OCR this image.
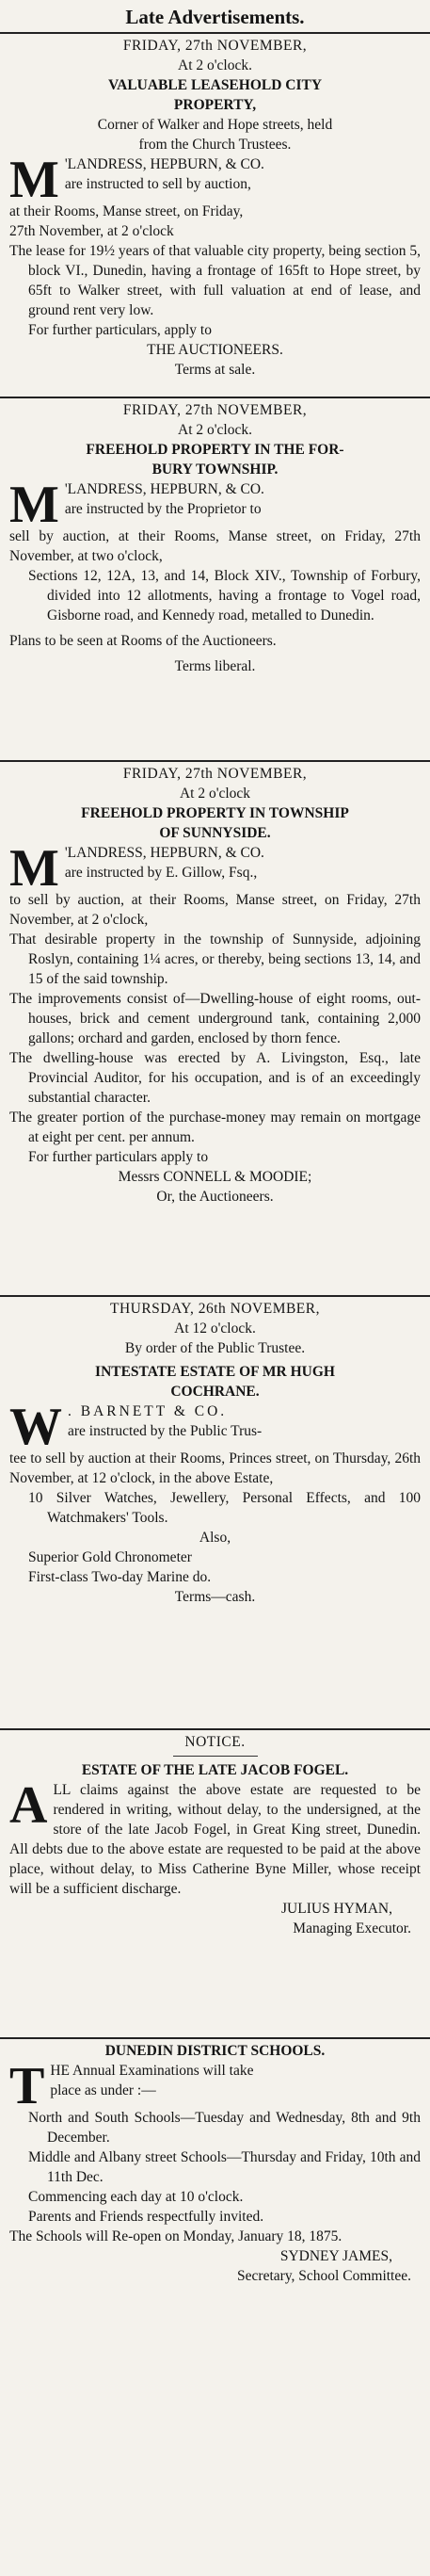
Late Advertisements.

FRIDAY, 27th NOVEMBER,

At 2 o'clock.

VALUABLE LEASEHOLD CITY

PROPERTY,

Corner of Walker and Hope streets, held

from the Church Trustees.

M 'LANDRESS, HEPBURN, & CO.

are instructed to sell by auction,

at their Rooms, Manse street, on Friday,

27th November, at 2 o'clock

The lease for 19½ years of that valuable city property, being section 5, block VI., Dunedin, having a frontage of 165ft to Hope street, by 65ft to Walker street, with full valuation at end of lease, and ground rent very low.

For further particulars, apply to

THE AUCTIONEERS.

Terms at sale.

FRIDAY, 27th NOVEMBER,

At 2 o'clock.

FREEHOLD PROPERTY IN THE FOR-

BURY TOWNSHIP.

M 'LANDRESS, HEPBURN, & CO.

are instructed by the Proprietor to

sell by auction, at their Rooms, Manse street, on Friday, 27th November, at two o'clock,

Sections 12, 12A, 13, and 14, Block XIV., Township of Forbury, divided into 12 allotments, having a frontage to Vogel road, Gisborne road, and Kennedy road, metalled to Dunedin.

Plans to be seen at Rooms of the Auctioneers.

Terms liberal.

FRIDAY, 27th NOVEMBER,

At 2 o'clock

FREEHOLD PROPERTY IN TOWNSHIP

OF SUNNYSIDE.

M 'LANDRESS, HEPBURN, & CO.

are instructed by E. Gillow, Fsq.,

to sell by auction, at their Rooms, Manse street, on Friday, 27th November, at 2 o'clock,

That desirable property in the township of Sunnyside, adjoining Roslyn, containing 1¼ acres, or thereby, being sections 13, 14, and 15 of the said township.

The improvements consist of—Dwelling-house of eight rooms, out-houses, brick and cement underground tank, containing 2,000 gallons; orchard and garden, enclosed by thorn fence.

The dwelling-house was erected by A. Livingston, Esq., late Provincial Auditor, for his occupation, and is of an exceedingly substantial character.

The greater portion of the purchase-money may remain on mortgage at eight per cent. per annum.

For further particulars apply to

Messrs CONNELL & MOODIE;

Or, the Auctioneers.

THURSDAY, 26th NOVEMBER,

At 12 o'clock.

By order of the Public Trustee.

INTESTATE ESTATE OF MR HUGH

COCHRANE.

W . BARNETT & CO.

are instructed by the Public Trus-

tee to sell by auction at their Rooms, Princes street, on Thursday, 26th November, at 12 o'clock, in the above Estate,

10 Silver Watches, Jewellery, Personal Effects, and 100 Watchmakers' Tools.

Also,

Superior Gold Chronometer

First-class Two-day Marine do.

Terms—cash.

NOTICE.

ESTATE OF THE LATE JACOB FOGEL.

A LL claims against the above estate are requested to be rendered in writing, without delay, to the undersigned, at the store of the late Jacob Fogel, in Great King street, Dunedin. All debts due to the above estate are requested to be paid at the above place, without delay, to Miss Catherine Byne Miller, whose receipt will be a sufficient discharge.

JULIUS HYMAN,

Managing Executor.

DUNEDIN DISTRICT SCHOOLS.

T HE Annual Examinations will take

place as under :—

North and South Schools—Tuesday and Wednesday, 8th and 9th December.

Middle and Albany street Schools—Thursday and Friday, 10th and 11th Dec.

Commencing each day at 10 o'clock.

Parents and Friends respectfully invited.

The Schools will Re-open on Monday, January 18, 1875.

SYDNEY JAMES,

Secretary, School Committee.
